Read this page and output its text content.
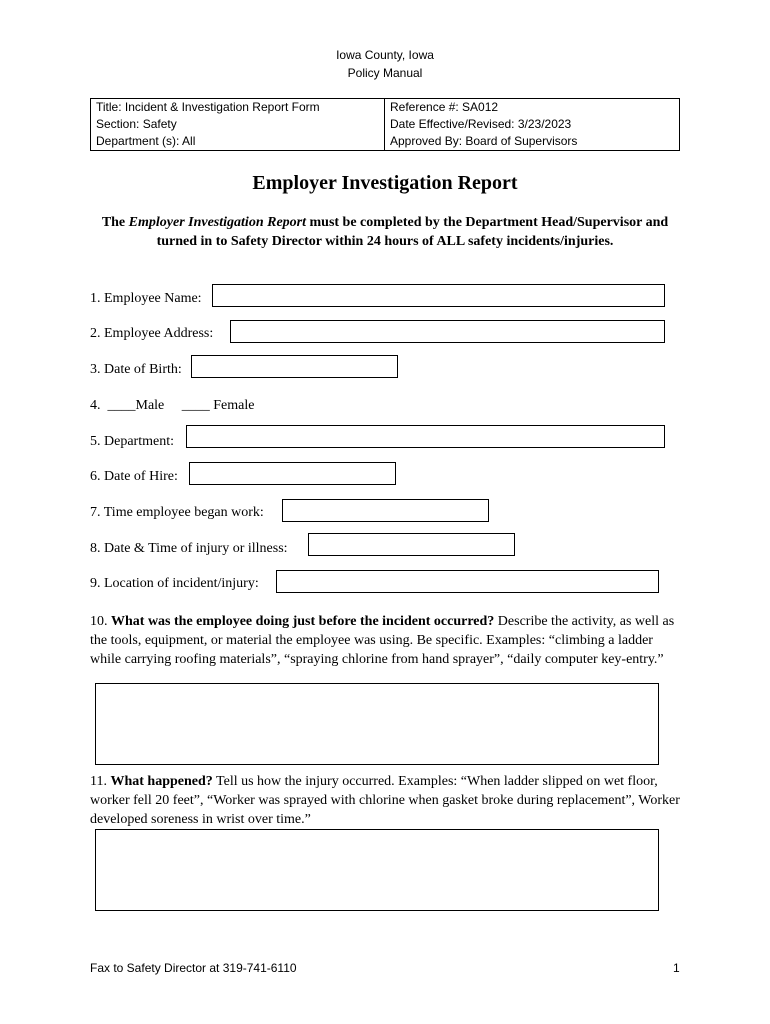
Iowa County, Iowa
Policy Manual
Title: Incident & Investigation Report Form	Reference #: SA012
Section: Safety	Date Effective/Revised: 3/23/2023
Department (s): All	Approved By: Board of Supervisors
Employer Investigation Report
The Employer Investigation Report must be completed by the Department Head/Supervisor and turned in to Safety Director within 24 hours of ALL safety incidents/injuries.
1. Employee Name:
2. Employee Address:
3. Date of Birth:
4.  ____Male     ____ Female
5. Department:
6. Date of Hire:
7. Time employee began work:
8. Date & Time of injury or illness:
9. Location of incident/injury:
10. What was the employee doing just before the incident occurred? Describe the activity, as well as the tools, equipment, or material the employee was using. Be specific. Examples: “climbing a ladder while carrying roofing materials”, “spraying chlorine from hand sprayer”, “daily computer key-entry.”
11. What happened? Tell us how the injury occurred. Examples: “When ladder slipped on wet floor, worker fell 20 feet”, “Worker was sprayed with chlorine when gasket broke during replacement”, Worker developed soreness in wrist over time.”
Fax to Safety Director at 319-741-6110	1
